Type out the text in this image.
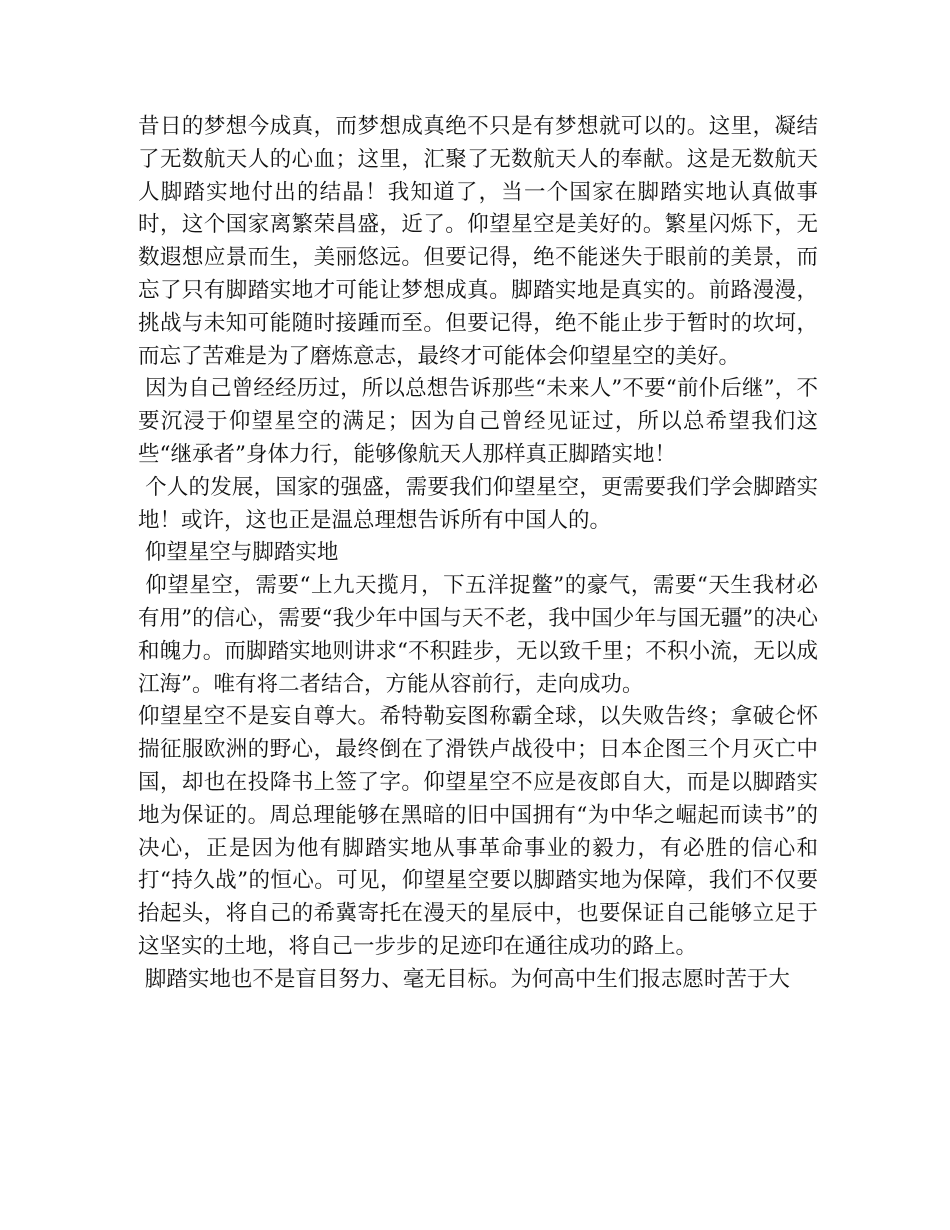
昔日的梦想今成真，而梦想成真绝不只是有梦想就可以的。这里，凝结了无数航天人的心血；这里，汇聚了无数航天人的奉献。这是无数航天人脚踏实地付出的结晶！我知道了，当一个国家在脚踏实地认真做事时，这个国家离繁荣昌盛，近了。仰望星空是美好的。繁星闪烁下，无数遐想应景而生，美丽悠远。但要记得，绝不能迷失于眼前的美景，而忘了只有脚踏实地才可能让梦想成真。脚踏实地是真实的。前路漫漫，挑战与未知可能随时接踵而至。但要记得，绝不能止步于暂时的坎坷，而忘了苦难是为了磨炼意志，最终才可能体会仰望星空的美好。

因为自己曾经经历过，所以总想告诉那些“未来人”不要“前仆后继”，不要沉浸于仰望星空的满足；因为自己曾经见证过，所以总希望我们这些“继承者”身体力行，能够像航天人那样真正脚踏实地！

个人的发展，国家的强盛，需要我们仰望星空，更需要我们学会脚踏实地！或许，这也正是温总理想告诉所有中国人的。

仰望星空与脚踏实地

仰望星空，需要“上九天揽月，下五洋捉鳖”的豪气，需要“天生我材必有用”的信心，需要“我少年中国与天不老，我中国少年与国无疆”的决心和魄力。而脚踏实地则讲求“不积跬步，无以致千里；不积小流，无以成江海”。唯有将二者结合，方能从容前行，走向成功。

仰望星空不是妄自尊大。希特勒妄图称霸全球，以失败告终；拿破仑怀揣征服欧洲的野心，最终倒在了滑铁卢战役中；日本企图三个月灭亡中国，却也在投降书上签了字。仰望星空不应是夜郎自大，而是以脚踏实地为保证的。周总理能够在黑暗的旧中国拥有“为中华之崛起而读书”的决心，正是因为他有脚踏实地从事革命事业的毅力，有必胜的信心和打“持久战”的恒心。可见，仰望星空要以脚踏实地为保障，我们不仅要抬起头，将自己的希冀寄托在漫天的星辰中，也要保证自己能够立足于这坚实的土地，将自己一步步的足迹印在通往成功的路上。

脚踏实地也不是盲目努力、毫无目标。为何高中生们报志愿时苦于大
